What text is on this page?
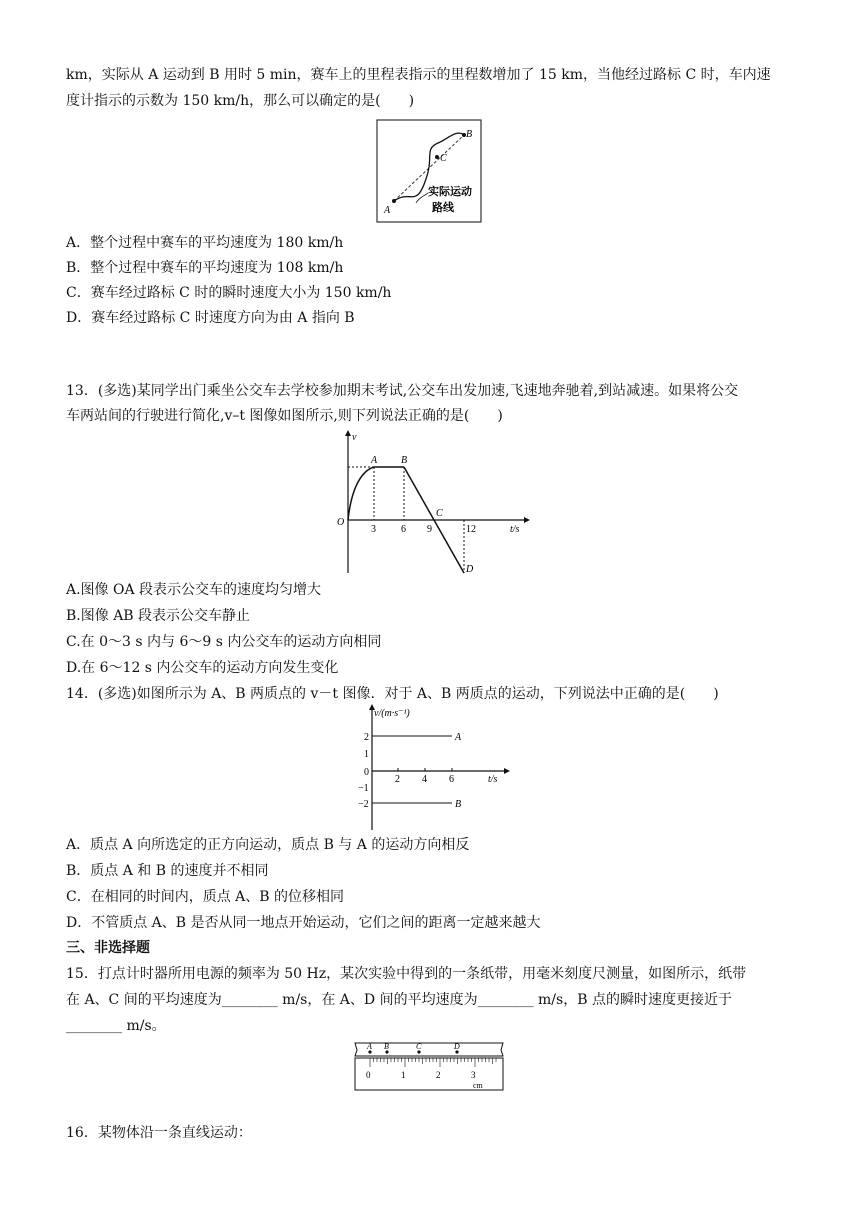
km，实际从 A 运动到 B 用时 5 min，赛车上的里程表指示的里程数增加了 15 km，当他经过路标 C 时，车内速
度计指示的示数为 150 km/h，那么可以确定的是(　　)
B
C
A
实际运动
路线
A．整个过程中赛车的平均速度为 180 km/h
B．整个过程中赛车的平均速度为 108 km/h
C．赛车经过路标 C 时的瞬时速度大小为 150 km/h
D．赛车经过路标 C 时速度方向为由 A 指向 B
13．(多选)某同学出门乘坐公交车去学校参加期末考试,公交车出发加速,飞速地奔驰着,到站减速。如果将公交
车两站间的行驶进行简化,v–t 图像如图所示,则下列说法正确的是(　　)
v
t/s
O
A B
C
D
3	6 9	12
A.图像 OA 段表示公交车的速度均匀增大
B.图像 AB 段表示公交车静止
C.在 0～3 s 内与 6～9 s 内公交车的运动方向相同
D.在 6～12 s 内公交车的运动方向发生变化
14．(多选)如图所示为 A、B 两质点的 v－t 图像．对于 A、B 两质点的运动，下列说法中正确的是(　　)
v/(m·s⁻¹)
t/s
A
B
2
1
0
−1
−2
2 4 6
A．质点 A 向所选定的正方向运动，质点 B 与 A 的运动方向相反
B．质点 A 和 B 的速度并不相同
C．在相同的时间内，质点 A、B 的位移相同
D．不管质点 A、B 是否从同一地点开始运动，它们之间的距离一定越来越大
三、非选择题
15．打点计时器所用电源的频率为 50 Hz，某次实验中得到的一条纸带，用毫米刻度尺测量，如图所示，纸带
在 A、C 间的平均速度为________ m/s，在 A、D 间的平均速度为________ m/s，B 点的瞬时速度更接近于
________ m/s。
A B	C	D
0	1	2	3
cm
16．某物体沿一条直线运动：
